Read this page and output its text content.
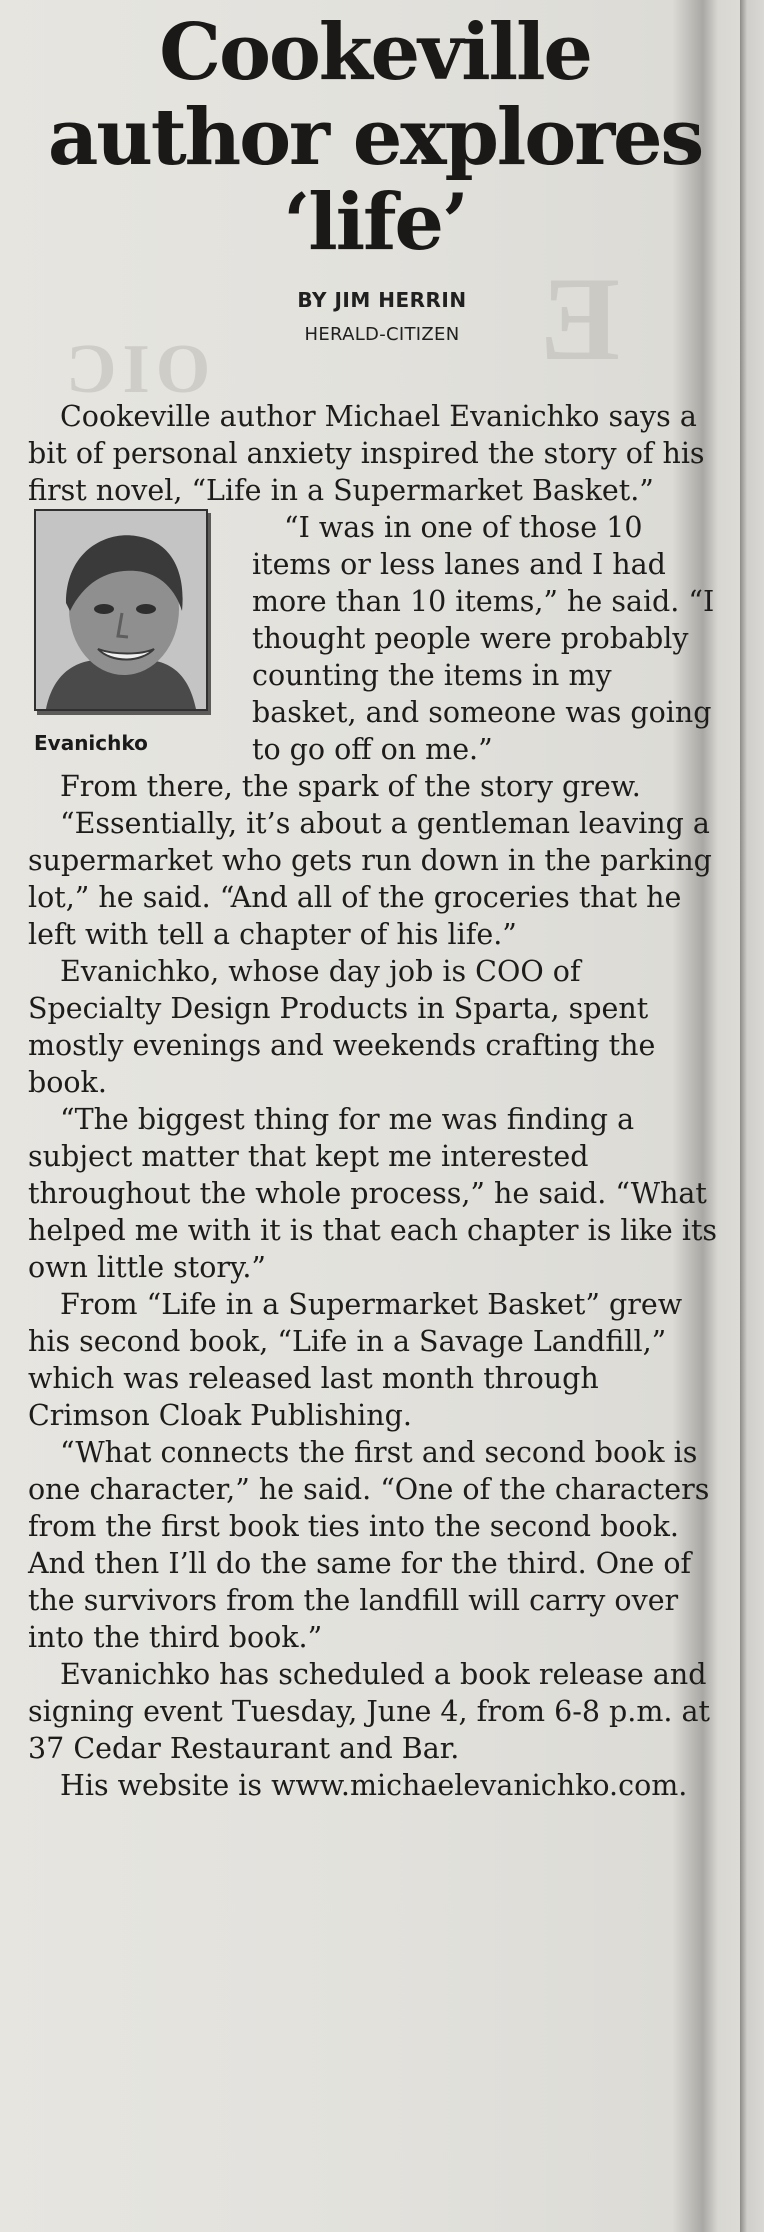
E
OIC
Cookeville author explores ‘life’
BY JIM HERRIN
HERALD-CITIZEN

Cookeville author Michael Evanichko says a bit of personal anxiety inspired the story of his first novel, “Life in a Supermarket Basket.”

Evanichko

“I was in one of those 10 items or less lanes and I had more than 10 items,” he said. “I thought people were probably counting the items in my basket, and someone was going to go off on me.”

From there, the spark of the story grew.

“Essentially, it’s about a gentleman leaving a supermarket who gets run down in the parking lot,” he said. “And all of the groceries that he left with tell a chapter of his life.”

Evanichko, whose day job is COO of Specialty Design Products in Sparta, spent mostly evenings and weekends crafting the book.

“The biggest thing for me was finding a subject matter that kept me interested throughout the whole process,” he said. “What helped me with it is that each chapter is like its own little story.”

From “Life in a Supermarket Basket” grew his second book, “Life in a Savage Landfill,” which was released last month through Crimson Cloak Publishing.

“What connects the first and second book is one character,” he said. “One of the characters from the first book ties into the second book. And then I’ll do the same for the third. One of the survivors from the landfill will carry over into the third book.”

Evanichko has scheduled a book release and signing event Tuesday, June 4, from 6-8 p.m. at 37 Cedar Restaurant and Bar.

His website is www.michaelevanichko.com.
